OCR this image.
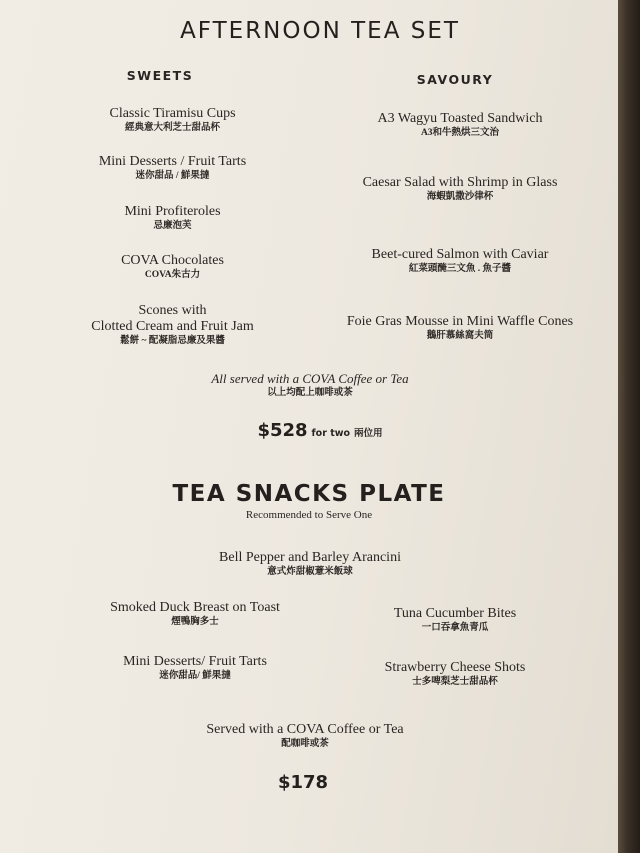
AFTERNOON TEA SET
SWEETS	SAVOURY
Classic Tiramisu Cups
經典意大利芝士甜品杯
Mini Desserts / Fruit Tarts
迷你甜品 / 鮮果撻
Mini Profiteroles
忌廉泡芙
COVA Chocolates
COVA朱古力
Scones with
Clotted Cream and Fruit Jam
鬆餅 ~ 配凝脂忌廉及果醬
A3 Wagyu Toasted Sandwich
A3和牛熱烘三文治
Caesar Salad with Shrimp in Glass
海蝦凱撒沙律杯
Beet-cured Salmon with Caviar
紅菜頭醃三文魚 . 魚子醬
Foie Gras Mousse in Mini Waffle Cones
鵝肝慕絲窩夫筒
All served with a COVA Coffee or Tea
以上均配上咖啡或茶
$528 for two 兩位用
TEA SNACKS PLATE
Recommended to Serve One
Bell Pepper and Barley Arancini
意式炸甜椒薏米飯球
Smoked Duck Breast on Toast
煙鴨胸多士
Mini Desserts/ Fruit Tarts
迷你甜品/ 鮮果撻
Tuna Cucumber Bites
一口吞拿魚青瓜
Strawberry Cheese Shots
士多啤梨芝士甜品杯
Served with a COVA Coffee or Tea
配咖啡或茶
$178
